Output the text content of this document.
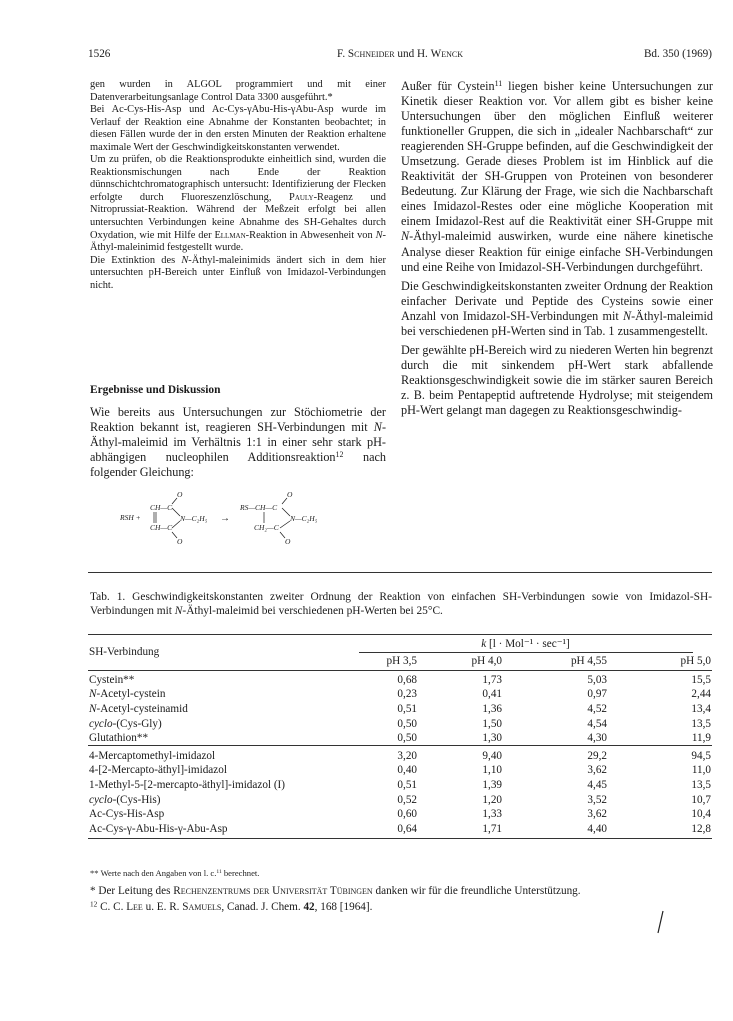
1526	F. Schneider und H. Wenck	Bd. 350 (1969)

gen wurden in ALGOL programmiert und mit einer Datenverarbeitungsanlage Control Data 3300 ausgeführt.*

Bei Ac-Cys-His-Asp und Ac-Cys-γAbu-His-γAbu-Asp wurde im Verlauf der Reaktion eine Abnahme der Konstanten beobachtet; in diesen Fällen wurde der in den ersten Minuten der Reaktion erhaltene maximale Wert der Geschwindigkeitskonstanten verwendet.

Um zu prüfen, ob die Reaktionsprodukte einheitlich sind, wurden die Reaktionsmischungen nach Ende der Reaktion dünnschichtchromatographisch untersucht: Identifizierung der Flecken erfolgte durch Fluoreszenzlöschung, Pauly-Reagenz und Nitroprussiat-Reaktion. Während der Meßzeit erfolgt bei allen untersuchten Verbindungen keine Abnahme des SH-Gehaltes durch Oxydation, wie mit Hilfe der Ellman-Reaktion in Abwesenheit von N-Äthyl-maleinimid festgestellt wurde.

Die Extinktion des N-Äthyl-maleinimids ändert sich in dem hier untersuchten pH-Bereich unter Einfluß von Imidazol-Verbindungen nicht.

Ergebnisse und Diskussion

Wie bereits aus Untersuchungen zur Stöchiometrie der Reaktion bekannt ist, reagieren SH-Verbindungen mit N-Äthyl-maleimid im Verhältnis 1:1 in einer sehr stark pH-abhängigen nucleophilen Additionsreaktion$^{12}$ nach folgender Gleichung:

RSH +
CH—C
CH—C
O
O
N—C₂H₅ →
RS—CH—C
CH₂—C
O
O
N—C₂H₅

Außer für Cystein$^{11}$ liegen bisher keine Untersuchungen zur Kinetik dieser Reaktion vor. Vor allem gibt es bisher keine Untersuchungen über den möglichen Einfluß weiterer funktioneller Gruppen, die sich in „idealer Nachbarschaft“ zur reagierenden SH-Gruppe befinden, auf die Geschwindigkeit der Umsetzung. Gerade dieses Problem ist im Hinblick auf die Reaktivität der SH-Gruppen von Proteinen von besonderer Bedeutung. Zur Klärung der Frage, wie sich die Nachbarschaft eines Imidazol-Restes oder eine mögliche Kooperation mit einem Imidazol-Rest auf die Reaktivität einer SH-Gruppe mit N-Äthyl-maleimid auswirken, wurde eine nähere kinetische Analyse dieser Reaktion für einige einfache SH-Verbindungen und eine Reihe von Imidazol-SH-Verbindungen durchgeführt.

Die Geschwindigkeitskonstanten zweiter Ordnung der Reaktion einfacher Derivate und Peptide des Cysteins sowie einer Anzahl von Imidazol-SH-Verbindungen mit N-Äthyl-maleimid bei verschiedenen pH-Werten sind in Tab. 1 zusammengestellt.

Der gewählte pH-Bereich wird zu niederen Werten hin begrenzt durch die mit sinkendem pH-Wert stark abfallende Reaktionsgeschwindigkeit sowie die im stärker sauren Bereich z. B. beim Pentapeptid auftretende Hydrolyse; mit steigendem pH-Wert gelangt man dagegen zu Reaktionsgeschwindig-

Tab. 1. Geschwindigkeitskonstanten zweiter Ordnung der Reaktion von einfachen SH-Verbindungen sowie von Imidazol-SH-Verbindungen mit N-Äthyl-maleimid bei verschiedenen pH-Werten bei 25°C.
SH-Verbindung	k [l · Mol⁻¹ · sec⁻¹]			
	pH 3,5	pH 4,0	pH 4,55	pH 5,0
Cystein**	0,68	1,73	5,03	15,5
N-Acetyl-cystein	0,23	0,41	0,97	2,44
N-Acetyl-cysteinamid	0,51	1,36	4,52	13,4
cyclo-(Cys-Gly)	0,50	1,50	4,54	13,5
Glutathion**	0,50	1,30	4,30	11,9
4-Mercaptomethyl-imidazol	3,20	9,40	29,2	94,5
4-[2-Mercapto-äthyl]-imidazol	0,40	1,10	3,62	11,0
1-Methyl-5-[2-mercapto-äthyl]-imidazol (I)	0,51	1,39	4,45	13,5
cyclo-(Cys-His)	0,52	1,20	3,52	10,7
Ac-Cys-His-Asp	0,60	1,33	3,62	10,4
Ac-Cys-γ-Abu-His-γ-Abu-Asp	0,64	1,71	4,40	12,8
** Werte nach den Angaben von l. c.$^{11}$ berechnet.
* Der Leitung des Rechenzentrums der Universität Tübingen danken wir für die freundliche Unterstützung.
$^{12}$ C. C. Lee u. E. R. Samuels, Canad. J. Chem. 42, 168 [1964].
